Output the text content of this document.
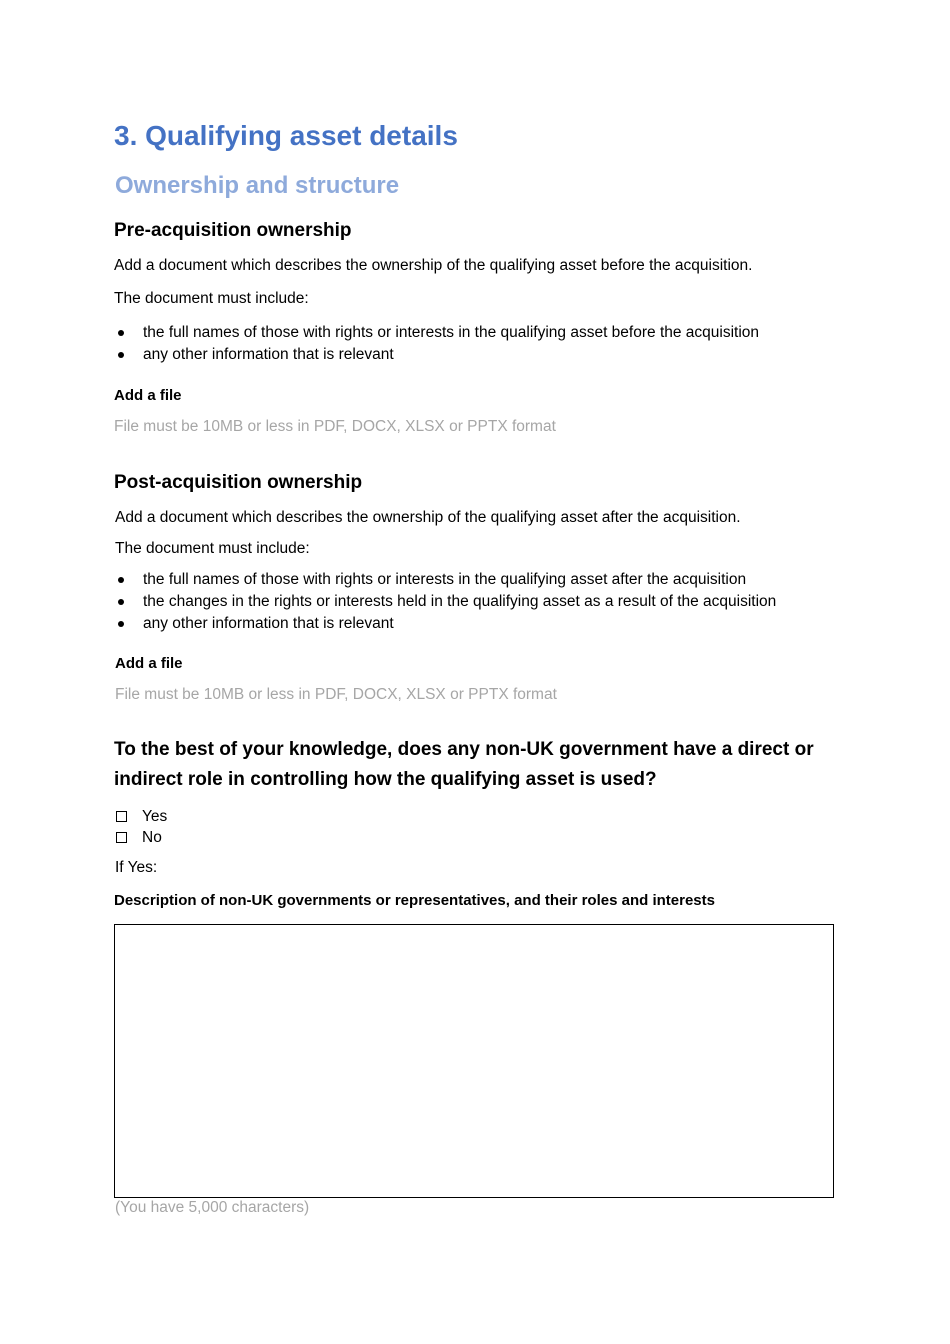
3. Qualifying asset details
Ownership and structure
Pre-acquisition ownership
Add a document which describes the ownership of the qualifying asset before the acquisition.
The document must include:
the full names of those with rights or interests in the qualifying asset before the acquisition
any other information that is relevant
Add a file
File must be 10MB or less in PDF, DOCX, XLSX or PPTX format
Post-acquisition ownership
Add a document which describes the ownership of the qualifying asset after the acquisition.
The document must include:
the full names of those with rights or interests in the qualifying asset after the acquisition
the changes in the rights or interests held in the qualifying asset as a result of the acquisition
any other information that is relevant
Add a file
File must be 10MB or less in PDF, DOCX, XLSX or PPTX format
To the best of your knowledge, does any non-UK government have a direct or indirect role in controlling how the qualifying asset is used?
Yes
No
If Yes:
Description of non-UK governments or representatives, and their roles and interests
(You have 5,000 characters)
